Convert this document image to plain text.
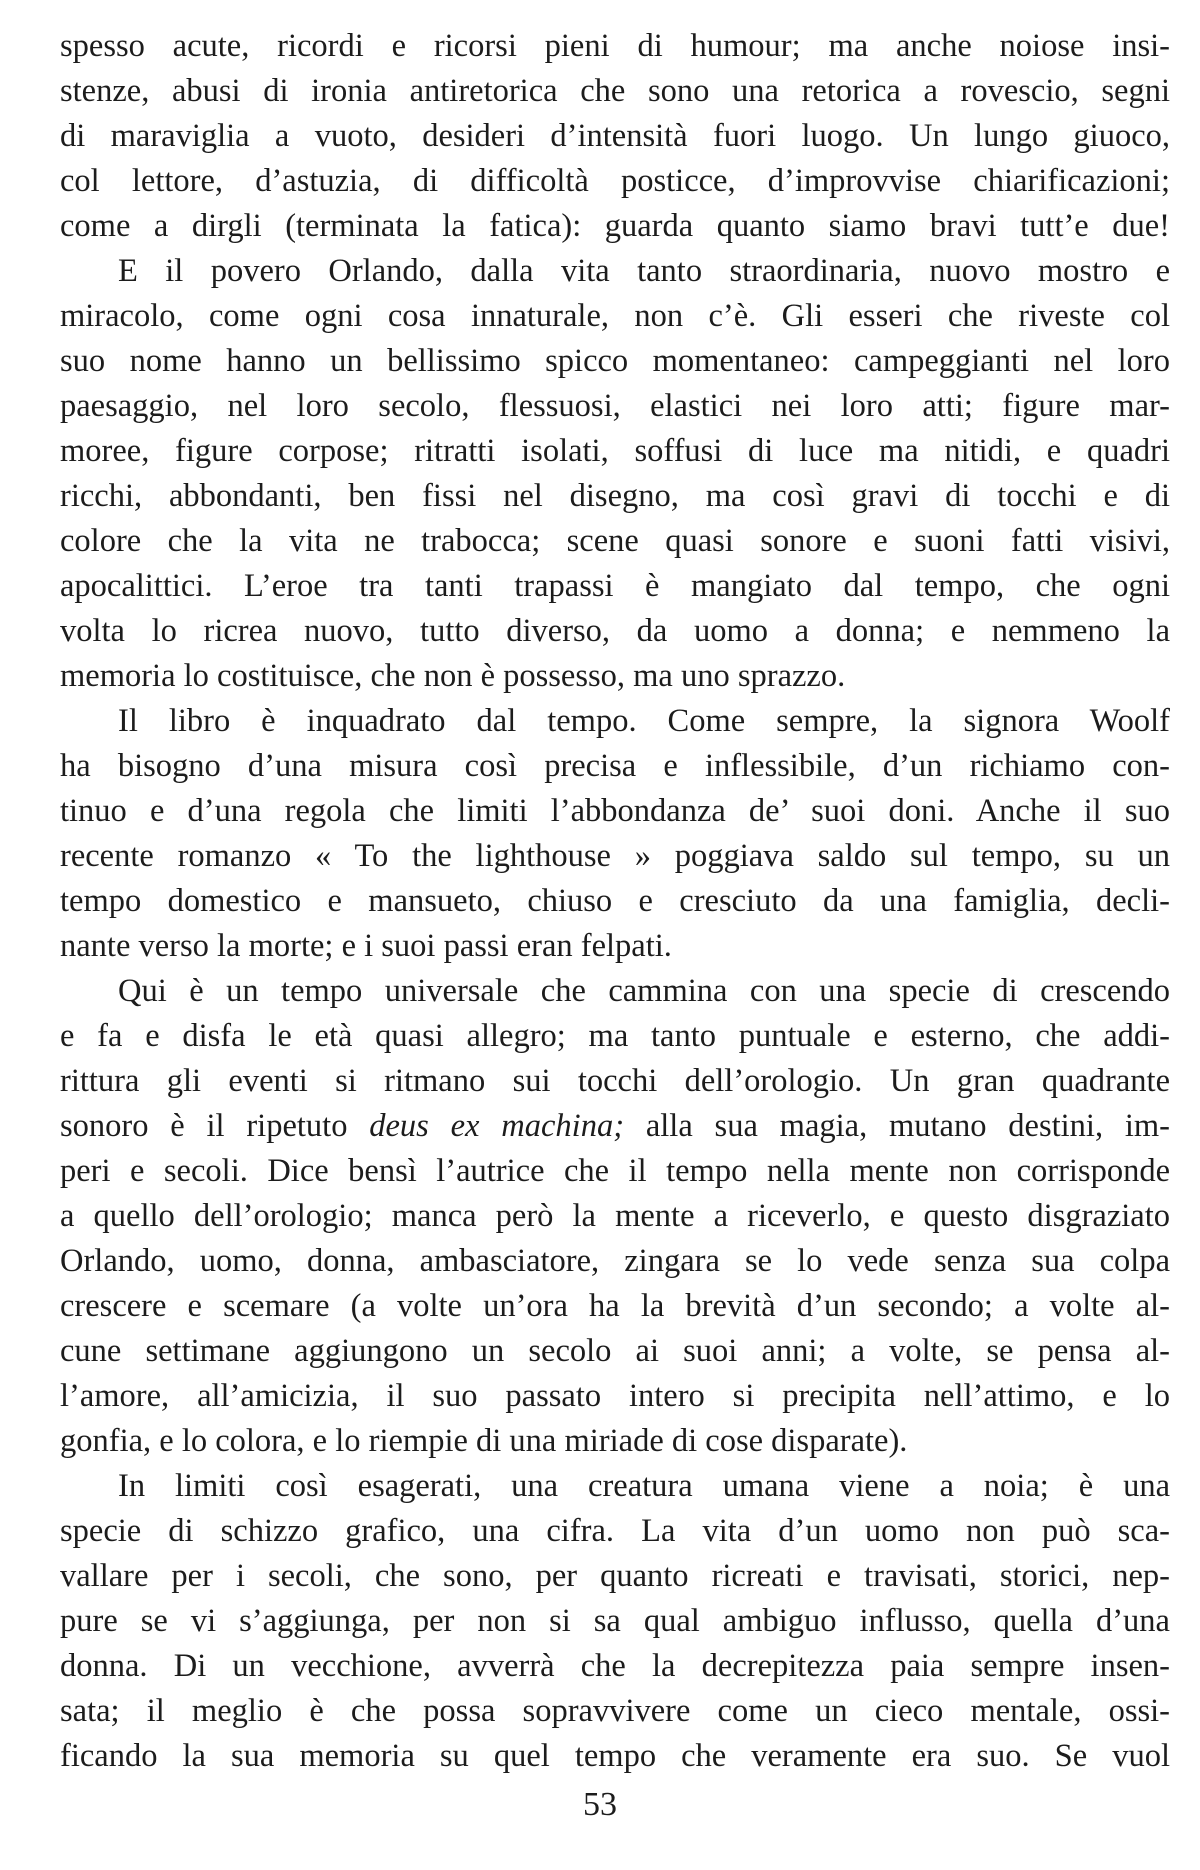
spesso acute, ricordi e ricorsi pieni di humour; ma anche noiose insi-
stenze, abusi di ironia antiretorica che sono una retorica a rovescio, segni
di maraviglia a vuoto, desideri d’intensità fuori luogo. Un lungo giuoco,
col lettore, d’astuzia, di difficoltà posticce, d’improvvise chiarificazioni;
come a dirgli (terminata la fatica): guarda quanto siamo bravi tutt’e due!
E il povero Orlando, dalla vita tanto straordinaria, nuovo mostro e
miracolo, come ogni cosa innaturale, non c’è. Gli esseri che riveste col
suo nome hanno un bellissimo spicco momentaneo: campeggianti nel loro
paesaggio, nel loro secolo, flessuosi, elastici nei loro atti; figure mar-
moree, figure corpose; ritratti isolati, soffusi di luce ma nitidi, e quadri
ricchi, abbondanti, ben fissi nel disegno, ma così gravi di tocchi e di
colore che la vita ne trabocca; scene quasi sonore e suoni fatti visivi,
apocalittici. L’eroe tra tanti trapassi è mangiato dal tempo, che ogni
volta lo ricrea nuovo, tutto diverso, da uomo a donna; e nemmeno la
memoria lo costituisce, che non è possesso, ma uno sprazzo.
Il libro è inquadrato dal tempo. Come sempre, la signora Woolf
ha bisogno d’una misura così precisa e inflessibile, d’un richiamo con-
tinuo e d’una regola che limiti l’abbondanza de’ suoi doni. Anche il suo
recente romanzo « To the lighthouse » poggiava saldo sul tempo, su un
tempo domestico e mansueto, chiuso e cresciuto da una famiglia, decli-
nante verso la morte; e i suoi passi eran felpati.
Qui è un tempo universale che cammina con una specie di crescendo
e fa e disfa le età quasi allegro; ma tanto puntuale e esterno, che addi-
rittura gli eventi si ritmano sui tocchi dell’orologio. Un gran quadrante
sonoro è il ripetuto deus ex machina; alla sua magia, mutano destini, im-
peri e secoli. Dice bensì l’autrice che il tempo nella mente non corrisponde
a quello dell’orologio; manca però la mente a riceverlo, e questo disgraziato
Orlando, uomo, donna, ambasciatore, zingara se lo vede senza sua colpa
crescere e scemare (a volte un’ora ha la brevità d’un secondo; a volte al-
cune settimane aggiungono un secolo ai suoi anni; a volte, se pensa al-
l’amore, all’amicizia, il suo passato intero si precipita nell’attimo, e lo
gonfia, e lo colora, e lo riempie di una miriade di cose disparate).
In limiti così esagerati, una creatura umana viene a noia; è una
specie di schizzo grafico, una cifra. La vita d’un uomo non può sca-
vallare per i secoli, che sono, per quanto ricreati e travisati, storici, nep-
pure se vi s’aggiunga, per non si sa qual ambiguo influsso, quella d’una
donna. Di un vecchione, avverrà che la decrepitezza paia sempre insen-
sata; il meglio è che possa sopravvivere come un cieco mentale, ossi-
ficando la sua memoria su quel tempo che veramente era suo. Se vuol
53
